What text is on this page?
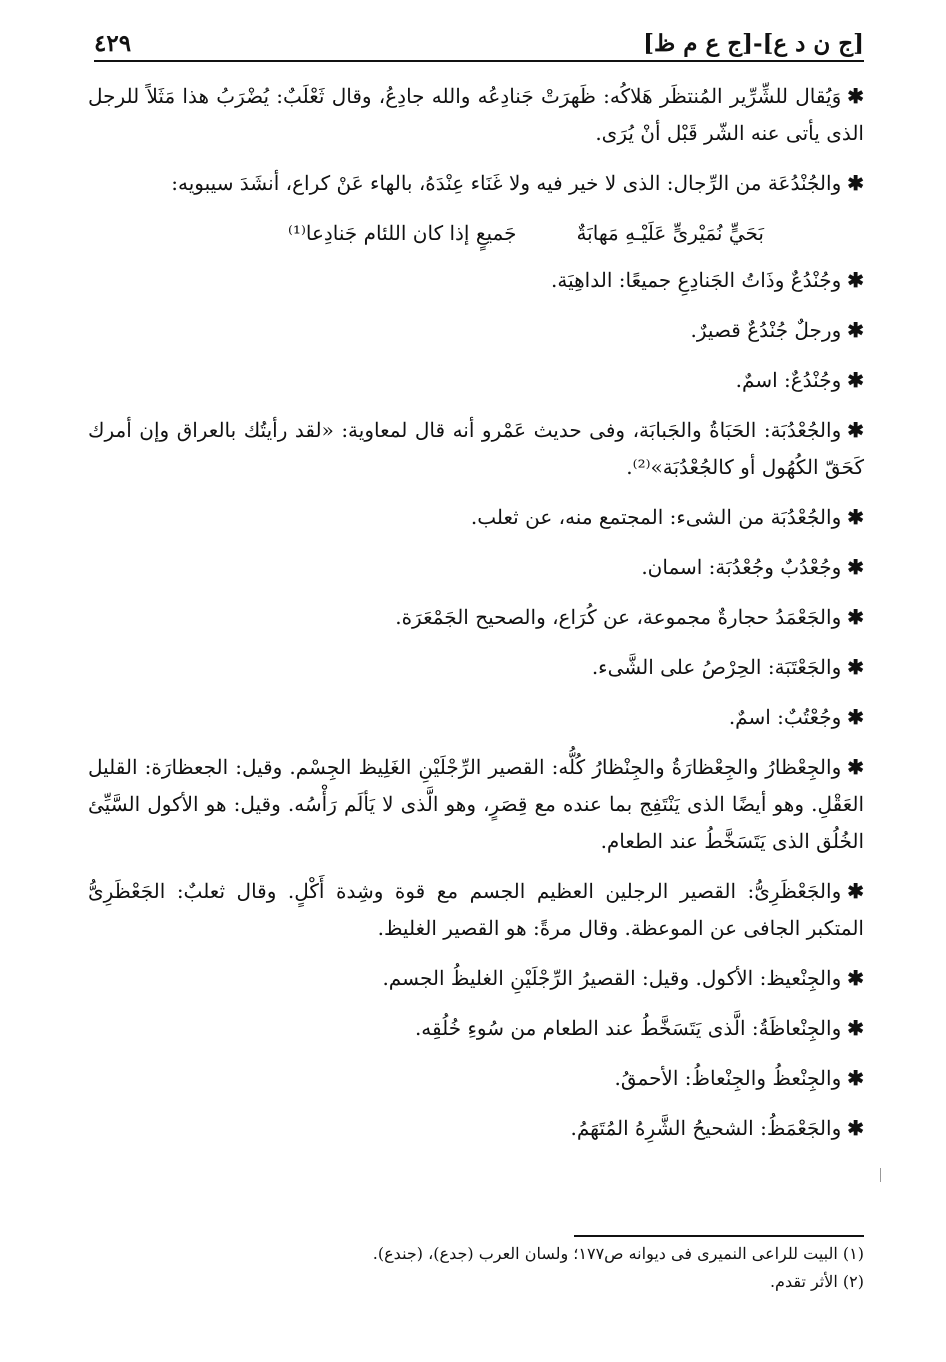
[ج ن د ع]-[ج ع م ظ]
٤٢٩

✱وَيُقال للشِّرِّير المُنتظَر هَلاكُه: ظَهرَتْ جَنادِعُه والله جادِعُ، وقال ثَعْلَبٌ: يُضْرَبُ هذا مَثَلاً للرجل الذى يأتى عنه الشّر قَبْل أنْ يُرَى.

✱والجُنْدُعَة من الرِّجال: الذى لا خير فيه ولا غَنَاء عِنْدَهُ، بالهاء عَنْ كراع، أنشَدَ سيبويه:

بَحَيٍّ نُمَيْرىٍّ عَلَيْـهِ مَهابَةٌ
جَميعٍ إذا كان اللئام جَنادِعا⁽¹⁾

✱وجُنْدُعٌ وذَاتُ الجَنادِعِ جميعًا: الداهِيَة.

✱ورجلٌ جُنْدُعٌ قصيرٌ.

✱وجُنْدُعٌ: اسمٌ.

✱والجُعْدُبَة: الحَبَاةُ والجَبابَة، وفى حديث عَمْرو أنه قال لمعاوية: «لقد رأيتُك بالعراق وإن أمرك كَحَقّ الكُهُول أو كالجُعْدُبَة»⁽²⁾.

✱والجُعْدُبَة من الشىء: المجتمع منه، عن ثعلب.

✱وجُعْدُبٌ وجُعْدُبَة: اسمان.

✱والجَعْمَدُ حجارةٌ مجموعة، عن كُرَاع، والصحيح الجَمْعَرَة.

✱والجَعْتَبَة: الحِرْصُ على الشَّىء.

✱وجُعْتُبٌ: اسمٌ.

✱والجِعْظارُ والجِعْظارَةُ والجِنْظارُ كُلُّه: القصير الرِّجْلَيْنِ الغَلِيظ الجِسْم. وقيل: الجعظارَة: القليل العَقْلِ. وهو أيضًا الذى يَنْتَفِج بما عنده مع قِصَرٍ، وهو الَّذى لا يَألَم رَأْسُه. وقيل: هو الأكول السَّيِّئ الخُلُق الذى يَتَسَخَّطُ عند الطعام.

✱والجَعْظَرِىُّ: القصير الرجلين العظيم الجسم مع قوة وشِدة أَكْلٍ. وقال ثعلبٌ: الجَعْظَرِىُّ المتكبر الجافى عن الموعظة. وقال مرةً: هو القصير الغليظ.

✱والجِنْعيظ: الأكول. وقيل: القصيرُ الرِّجْلَيْنِ الغليظُ الجسم.

✱والجِنْعاظَةُ: الَّذى يَتَسَخَّطُ عند الطعام من سُوءِ خُلُقِه.

✱والجِنْعظُ والجِنْعاظُ: الأحمقُ.

✱والجَعْمَظُ: الشحيحُ الشَّرِهُ المُتَهَمُ.

(١) البيت للراعى النميرى فى ديوانه ص١٧٧؛ ولسان العرب (جدع)، (جندع).

(٢) الأثر تقدم.
